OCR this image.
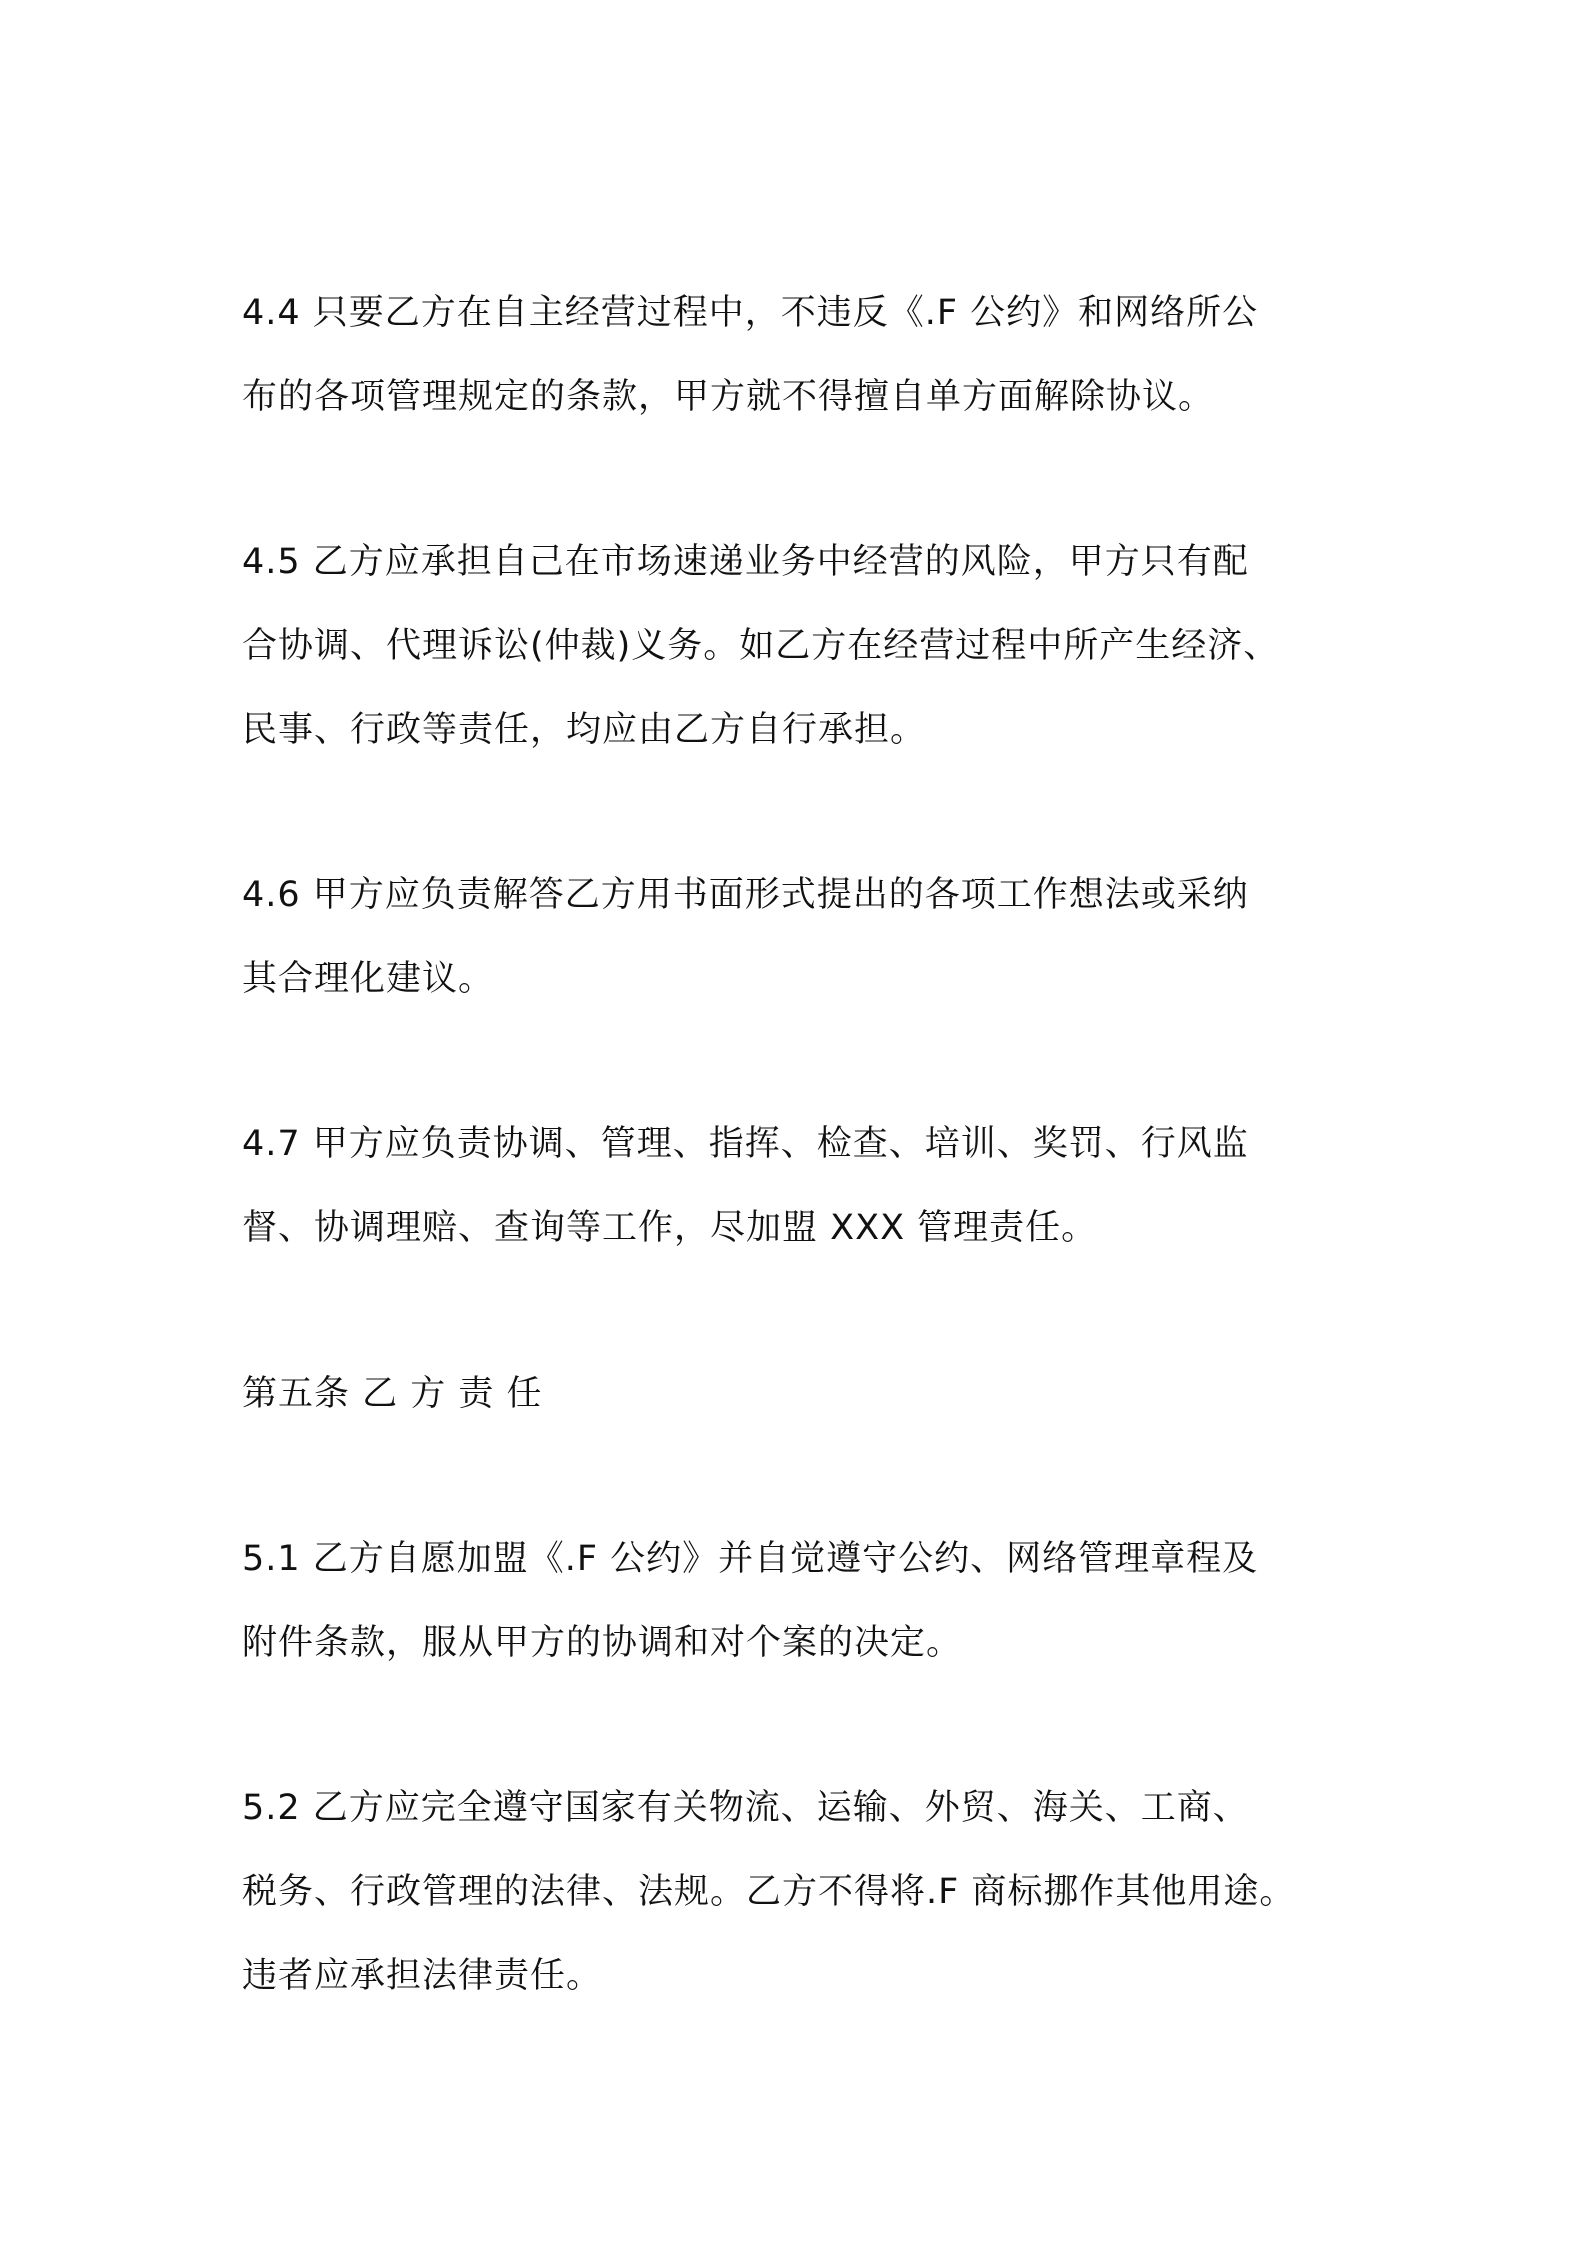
4.4 只要乙方在自主经营过程中，不违反《.F 公约》和网络所公
布的各项管理规定的条款，甲方就不得擅自单方面解除协议。
4.5 乙方应承担自己在市场速递业务中经营的风险，甲方只有配
合协调、代理诉讼(仲裁)义务。如乙方在经营过程中所产生经济、
民事、行政等责任，均应由乙方自行承担。
4.6 甲方应负责解答乙方用书面形式提出的各项工作想法或采纳
其合理化建议。
4.7 甲方应负责协调、管理、指挥、检查、培训、奖罚、行风监
督、协调理赔、查询等工作，尽加盟 XXX 管理责任。
第五条 乙 方 责 任
5.1 乙方自愿加盟《.F 公约》并自觉遵守公约、网络管理章程及
附件条款，服从甲方的协调和对个案的决定。
5.2 乙方应完全遵守国家有关物流、运输、外贸、海关、工商、
税务、行政管理的法律、法规。乙方不得将.F 商标挪作其他用途。
违者应承担法律责任。
